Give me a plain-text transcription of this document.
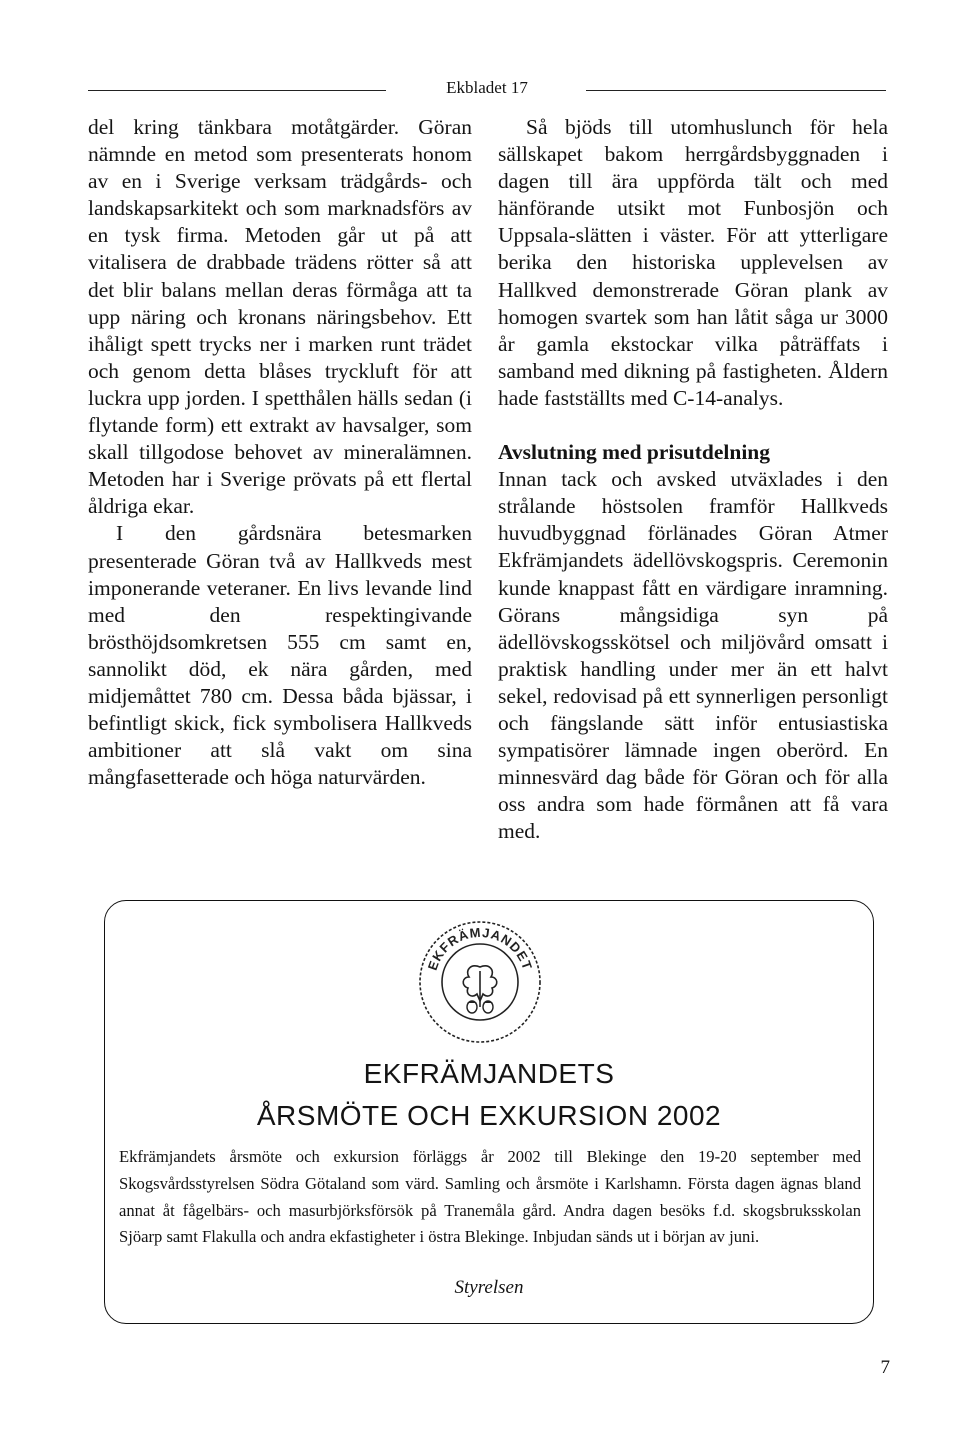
Ekbladet 17

del kring tänkbara motåtgärder. Göran nämnde en metod som presenterats honom av en i Sverige verksam trädgårds- och landskapsarkitekt och som marknadsförs av en tysk firma. Metoden går ut på att vitalisera de drabbade trädens rötter så att det blir balans mellan deras förmåga att ta upp näring och kronans näringsbehov. Ett ihåligt spett trycks ner i marken runt trädet och genom detta blåses tryckluft för att luckra upp jorden. I spetthålen hälls sedan (i flytande form) ett extrakt av havsalger, som skall tillgodose behovet av mineralämnen. Metoden har i Sverige prövats på ett flertal åldriga ekar.

I den gårdsnära betesmarken presenterade Göran två av Hallkveds mest imponerande veteraner. En livs levande lind med den respektingivande brösthöjdsomkretsen 555 cm samt en, sannolikt död, ek nära gården, med midjemåttet 780 cm. Dessa båda bjässar, i befintligt skick, fick symbolisera Hallkveds ambitioner att slå vakt om sina mångfasetterade och höga naturvärden.

Så bjöds till utomhuslunch för hela sällskapet bakom herrgårdsbyggnaden i dagen till ära uppförda tält och med hänförande utsikt mot Funbosjön och Uppsala-slätten i väster. För att ytterligare berika den historiska upplevelsen av Hallkved demonstrerade Göran plank av homogen svartek som han låtit såga ur 3000 år gamla ekstockar vilka påträffats i samband med dikning på fastigheten. Åldern hade fastställts med C-14-analys.

Avslutning med prisutdelning

Innan tack och avsked utväxlades i den strålande höstsolen framför Hallkveds huvudbyggnad förlänades Göran Atmer Ekfrämjandets ädellövskogspris. Ceremonin kunde knappast fått en värdigare inramning. Görans mångsidiga syn på ädellövskogsskötsel och miljövård omsatt i praktisk handling under mer än ett halvt sekel, redovisad på ett synnerligen personligt och fängslande sätt inför entusiastiska sympatisörer lämnade ingen oberörd. En minnesvärd dag både för Göran och för alla oss andra som hade förmånen att få vara med.

EKFRÄMJANDET
EKFRÄMJANDETS
ÅRSMÖTE OCH EXKURSION 2002
Ekfrämjandets årsmöte och exkursion förläggs år 2002 till Blekinge den 19-20 september med Skogsvårdsstyrelsen Södra Götaland som värd. Samling och årsmöte i Karlshamn. Första dagen ägnas bland annat åt fågelbärs- och masurbjörksförsök på Tranemåla gård. Andra dagen besöks f.d. skogsbruksskolan Sjöarp samt Flakulla och andra ekfastigheter i östra Blekinge. Inbjudan sänds ut i början av juni.
Styrelsen
7
